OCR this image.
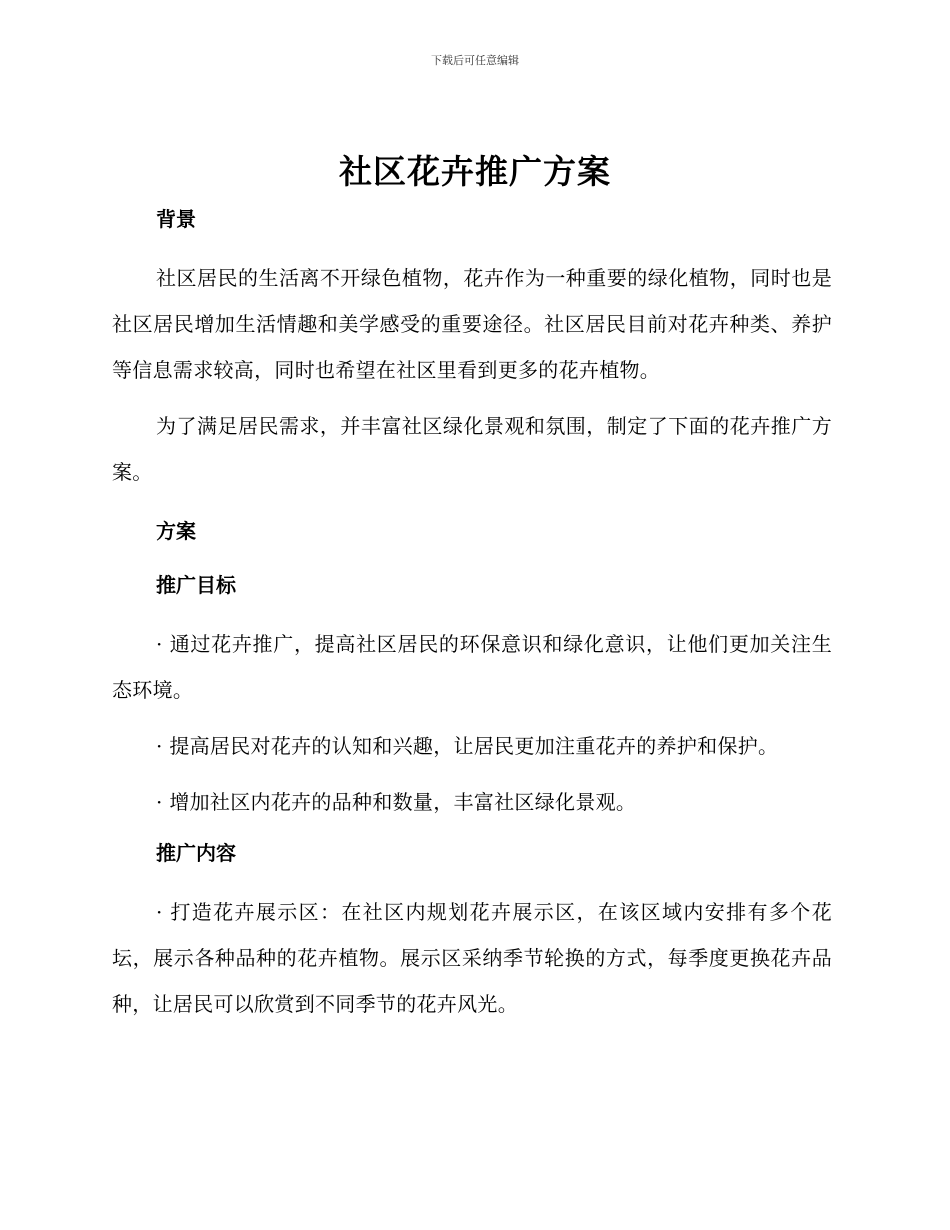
下载后可任意编辑
社区花卉推广方案

背景

社区居民的生活离不开绿色植物，花卉作为一种重要的绿化植物，同时也是社区居民增加生活情趣和美学感受的重要途径。社区居民目前对花卉种类、养护等信息需求较高，同时也希望在社区里看到更多的花卉植物。

为了满足居民需求，并丰富社区绿化景观和氛围，制定了下面的花卉推广方案。

方案

推广目标

· 通过花卉推广，提高社区居民的环保意识和绿化意识，让他们更加关注生态环境。

· 提高居民对花卉的认知和兴趣，让居民更加注重花卉的养护和保护。

· 增加社区内花卉的品种和数量，丰富社区绿化景观。

推广内容

· 打造花卉展示区：在社区内规划花卉展示区，在该区域内安排有多个花坛，展示各种品种的花卉植物。展示区采纳季节轮换的方式，每季度更换花卉品种，让居民可以欣赏到不同季节的花卉风光。
